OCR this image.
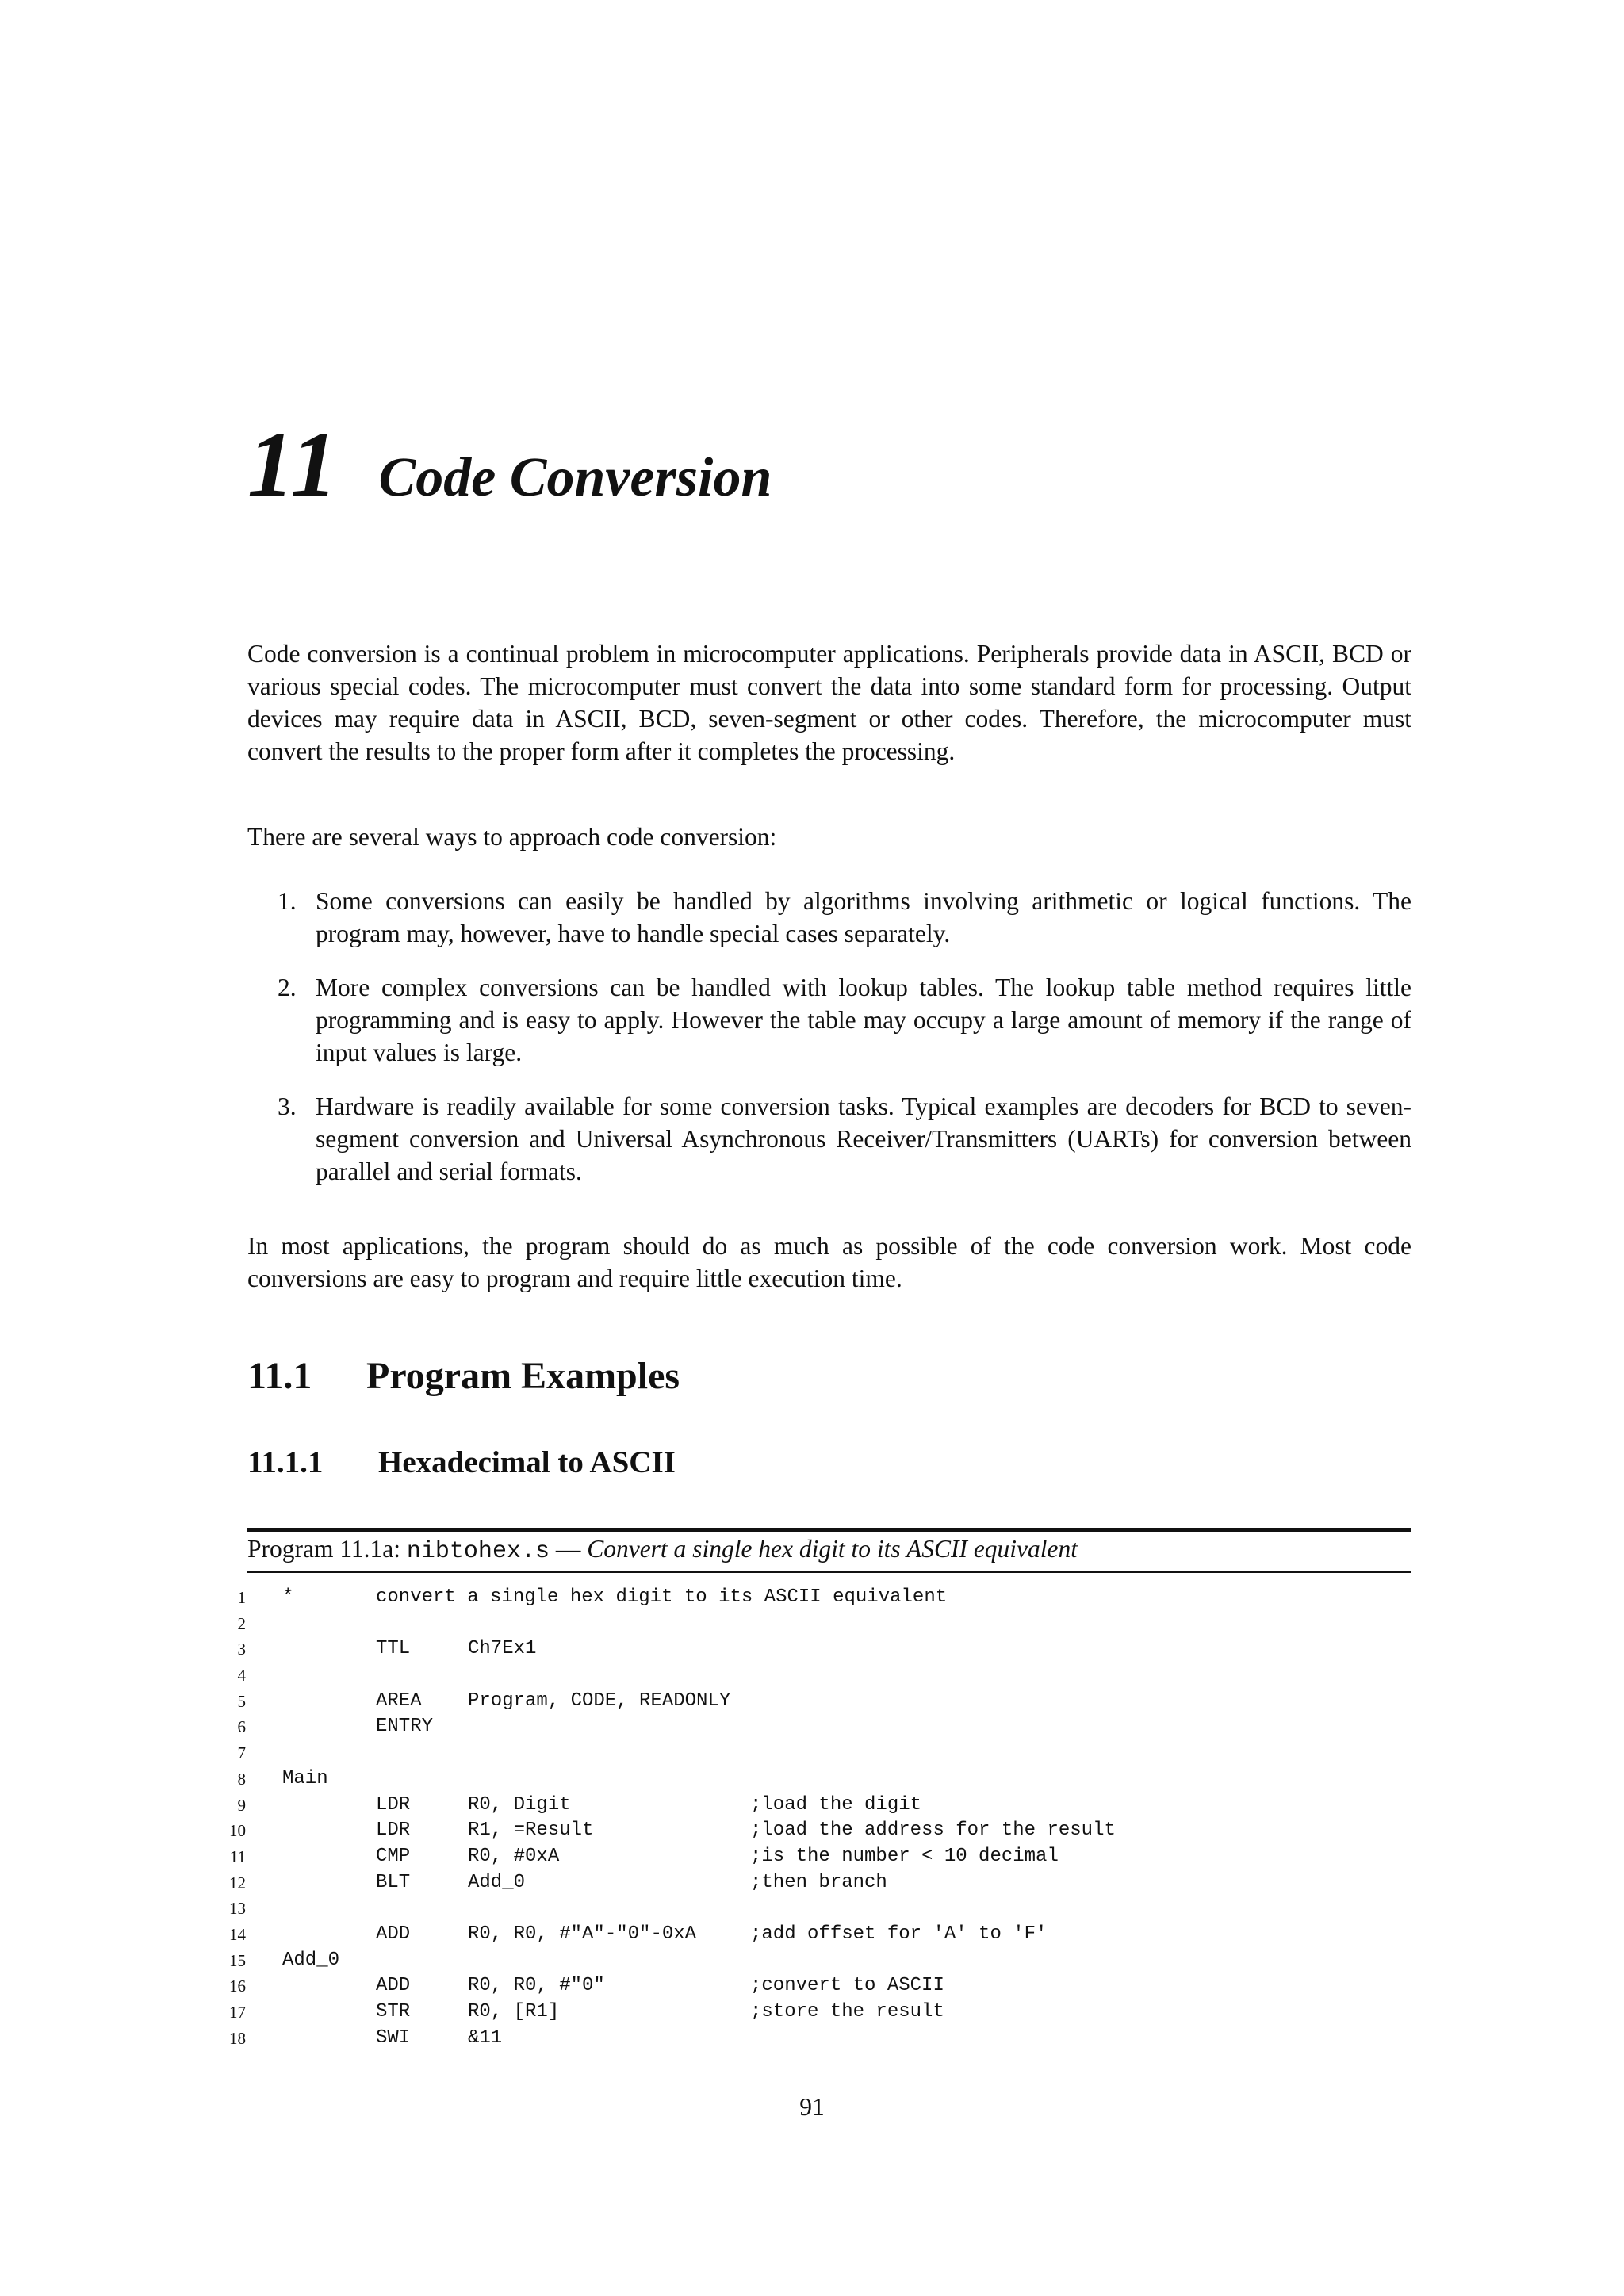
11 Code Conversion

Code conversion is a continual problem in microcomputer applications. Peripherals provide data in ASCII, BCD or various special codes. The microcomputer must convert the data into some standard form for processing. Output devices may require data in ASCII, BCD, seven-segment or other codes. Therefore, the microcomputer must convert the results to the proper form after it completes the processing.

There are several ways to approach code conversion:

1. Some conversions can easily be handled by algorithms involving arithmetic or logical functions. The program may, however, have to handle special cases separately.
2. More complex conversions can be handled with lookup tables. The lookup table method requires little programming and is easy to apply. However the table may occupy a large amount of memory if the range of input values is large.
3. Hardware is readily available for some conversion tasks. Typical examples are decoders for BCD to seven-segment conversion and Universal Asynchronous Receiver/Transmitters (UARTs) for conversion between parallel and serial formats.

In most applications, the program should do as much as possible of the code conversion work. Most code conversions are easy to program and require little execution time.

11.1 Program Examples
11.1.1 Hexadecimal to ASCII
Program 11.1a: nibtohex.s — Convert a single hex digit to its ASCII equivalent
1 *	convert a single hex digit to its ASCII equivalent
2
3	TTL	Ch7Ex1
4
5	AREA Program, CODE, READONLY
6	ENTRY
7
8 Main
9	LDR	R0, Digit	;load the digit
10	LDR	R1, =Result	;load the address for the result
11	CMP	R0, #0xA	;is the number < 10 decimal
12	BLT	Add_0	;then branch
13
14	ADD	R0, R0, #"A"-"0"-0xA	;add offset for 'A' to 'F'
15 Add_0
16	ADD	R0, R0, #"0"	;convert to ASCII
17	STR	R0, [R1]	;store the result
18	SWI	&11
91
